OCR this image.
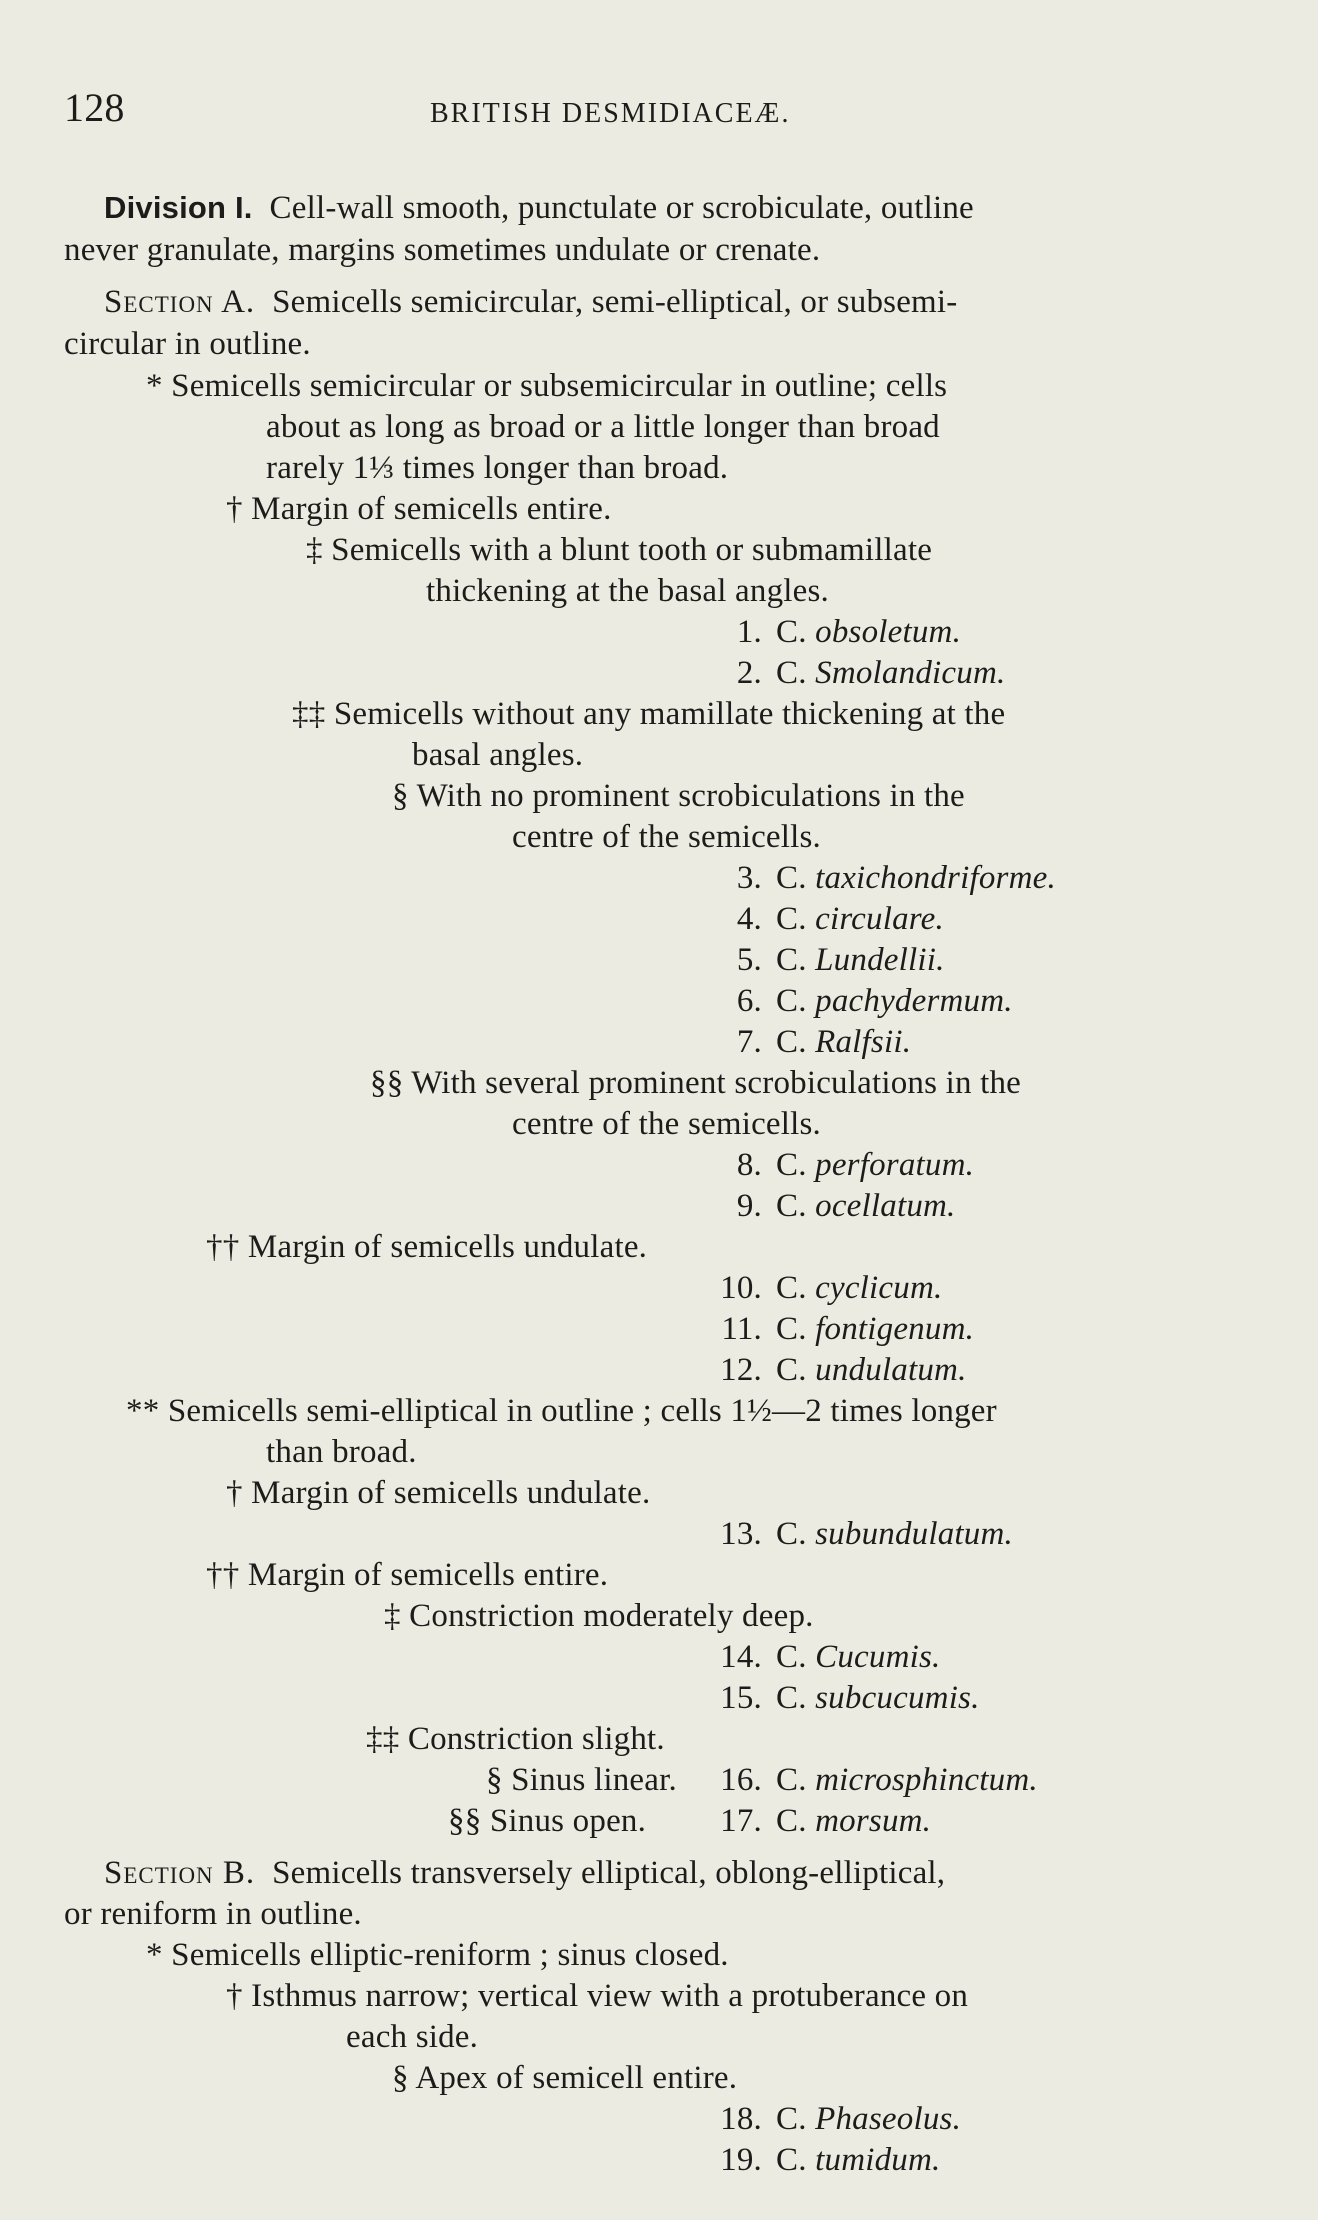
128	BRITISH DESMIDIACEÆ.
Division I. Cell-wall smooth, punctulate or scrobiculate, outline
never granulate, margins sometimes undulate or crenate.
Section A. Semicells semicircular, semi-elliptical, or subsemi-
circular in outline.
* Semicells semicircular or subsemicircular in outline; cells
about as long as broad or a little longer than broad
rarely 1⅓ times longer than broad.
† Margin of semicells entire.
‡ Semicells with a blunt tooth or submamillate
thickening at the basal angles.
1. C. obsoletum.
2. C. Smolandicum.
‡‡ Semicells without any mamillate thickening at the
basal angles.
§ With no prominent scrobiculations in the
centre of the semicells.
3. C. taxichondriforme.
4. C. circulare.
5. C. Lundellii.
6. C. pachydermum.
7. C. Ralfsii.
§§ With several prominent scrobiculations in the
centre of the semicells.
8. C. perforatum.
9. C. ocellatum.
†† Margin of semicells undulate.
10. C. cyclicum.
11. C. fontigenum.
12. C. undulatum.
** Semicells semi-elliptical in outline ; cells 1½—2 times longer
than broad.
† Margin of semicells undulate.
13. C. subundulatum.
†† Margin of semicells entire.
‡ Constriction moderately deep.
14. C. Cucumis.
15. C. subcucumis.
‡‡ Constriction slight.
§ Sinus linear.	16. C. microsphinctum.
§§ Sinus open.	17. C. morsum.
Section B. Semicells transversely elliptical, oblong-elliptical,
or reniform in outline.
* Semicells elliptic-reniform ; sinus closed.
† Isthmus narrow; vertical view with a protuberance on
each side.
§ Apex of semicell entire.
18. C. Phaseolus.
19. C. tumidum.
